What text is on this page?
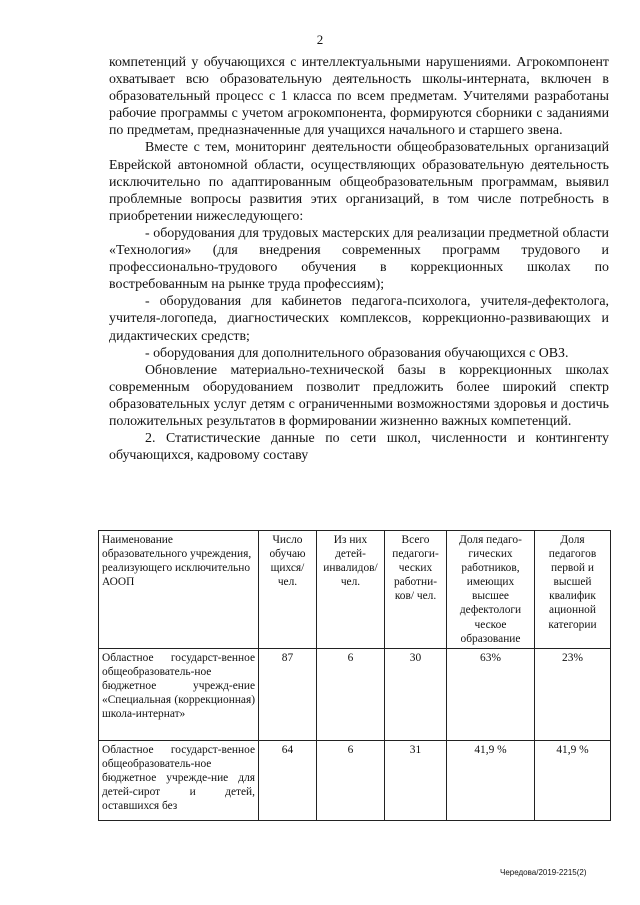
2

компетенций у обучающихся с интеллектуальными нарушениями. Агрокомпонент охватывает всю образовательную деятельность школы-интерната, включен в образовательный процесс с 1 класса по всем предметам. Учителями разработаны рабочие программы с учетом агрокомпонента, формируются сборники с заданиями по предметам, предназначенные для учащихся начального и старшего звена.

Вместе с тем, мониторинг деятельности общеобразовательных организаций Еврейской автономной области, осуществляющих образовательную деятельность исключительно по адаптированным общеобразовательным программам, выявил проблемные вопросы развития этих организаций, в том числе потребность в приобретении нижеследующего:

- оборудования для трудовых мастерских для реализации предметной области «Технология» (для внедрения современных программ трудового и профессионально-трудового обучения в коррекционных школах по востребованным на рынке труда профессиям);

- оборудования для кабинетов педагога-психолога, учителя-дефектолога, учителя-логопеда, диагностических комплексов, коррекционно-развивающих и дидактических средств;

- оборудования для дополнительного образования обучающихся с ОВЗ.

Обновление материально-технической базы в коррекционных школах современным оборудованием позволит предложить более широкий спектр образовательных услуг детям с ограниченными возможностями здоровья и достичь положительных результатов в формировании жизненно важных компетенций.

2. Статистические данные по сети школ, численности и контингенту обучающихся, кадровому составу

Наименование образовательного учреждения, реализующего исключительно АООП	Число обучаю щихся/ чел.	Из них детей-инвалидов/ чел.	Всего педагоги-ческих работни-ков/ чел.	Доля педаго-гических работников, имеющих высшее дефектологи ческое образование	Доля педагогов первой и высшей квалифик ационной категории
Областное государст-венное общеобразователь-ное бюджетное учрежд-ение «Специальная (коррекционная) школа-интернат»	87	6	30	63%	23%
Областное государст-венное общеобразователь-ное бюджетное учрежде-ние для детей-сирот и детей, оставшихся без	64	6	31	41,9 %	41,9 %
Чередова/2019-2215(2)
